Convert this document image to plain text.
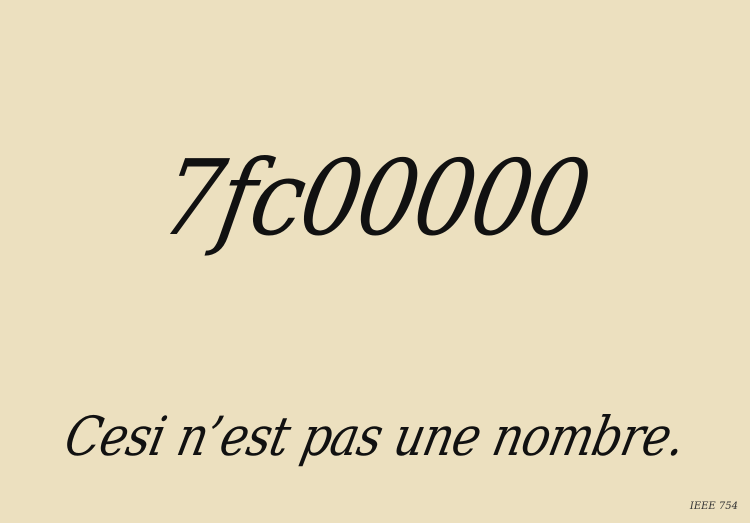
7fc00000

Cesi n’est pas une nombre.

IEEE 754
